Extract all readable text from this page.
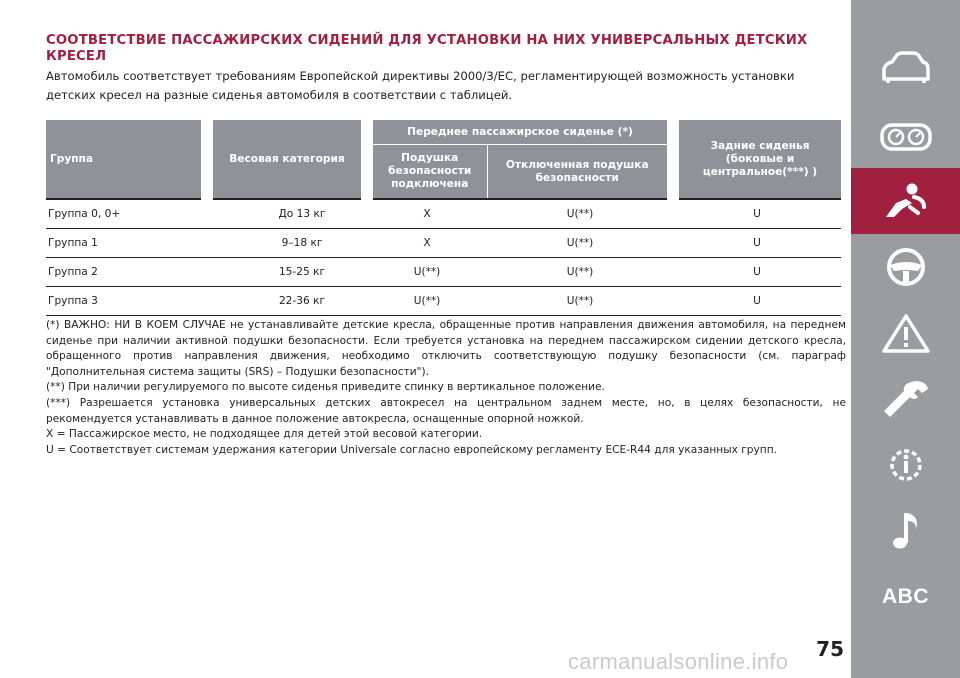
СООТВЕТСТВИЕ ПАССАЖИРСКИХ СИДЕНИЙ ДЛЯ УСТАНОВКИ НА НИХ УНИВЕРСАЛЬНЫХ ДЕТСКИХ КРЕСЕЛ
Автомобиль соответствует требованиям Европейской директивы 2000/3/ЕС, регламентирующей возможность установки детских кресел на разные сиденья автомобиля в соответствии с таблицей.
Группа	Весовая категория	Переднее пассажирское сиденье (*)		Задние сиденья (боковые и центральное(***) )
		Подушка безопасности подключена	Отключенная подушка безопасности	
Группа 0, 0+	До 13 кг	X	U(**)	U
Группа 1	9–18 кг	X	U(**)	U
Группа 2	15-25 кг	U(**)	U(**)	U
Группа 3	22-36 кг	U(**)	U(**)	U

(*) ВАЖНО: НИ В КОЕМ СЛУЧАЕ не устанавливайте детские кресла, обращенные против направления движения автомобиля, на переднем сиденье при наличии активной подушки безопасности. Если требуется установка на переднем пассажирском сидении детского кресла, обращенного против направления движения, необходимо отключить соответствующую подушку безопасности (см. параграф "Дополнительная система защиты (SRS) – Подушки безопасности").

(**) При наличии регулируемого по высоте сиденья приведите спинку в вертикальное положение.

(***) Разрешается установка универсальных детских автокресел на центральном заднем месте, но, в целях безопасности, не рекомендуется устанавливать в данное положение автокресла, оснащенные опорной ножкой.

X = Пассажирское место, не подходящее для детей этой весовой категории.

U = Соответствует системам удержания категории Universale согласно европейскому регламенту ECE-R44 для указанных групп.

75
ABC
carmanualsonline.info
